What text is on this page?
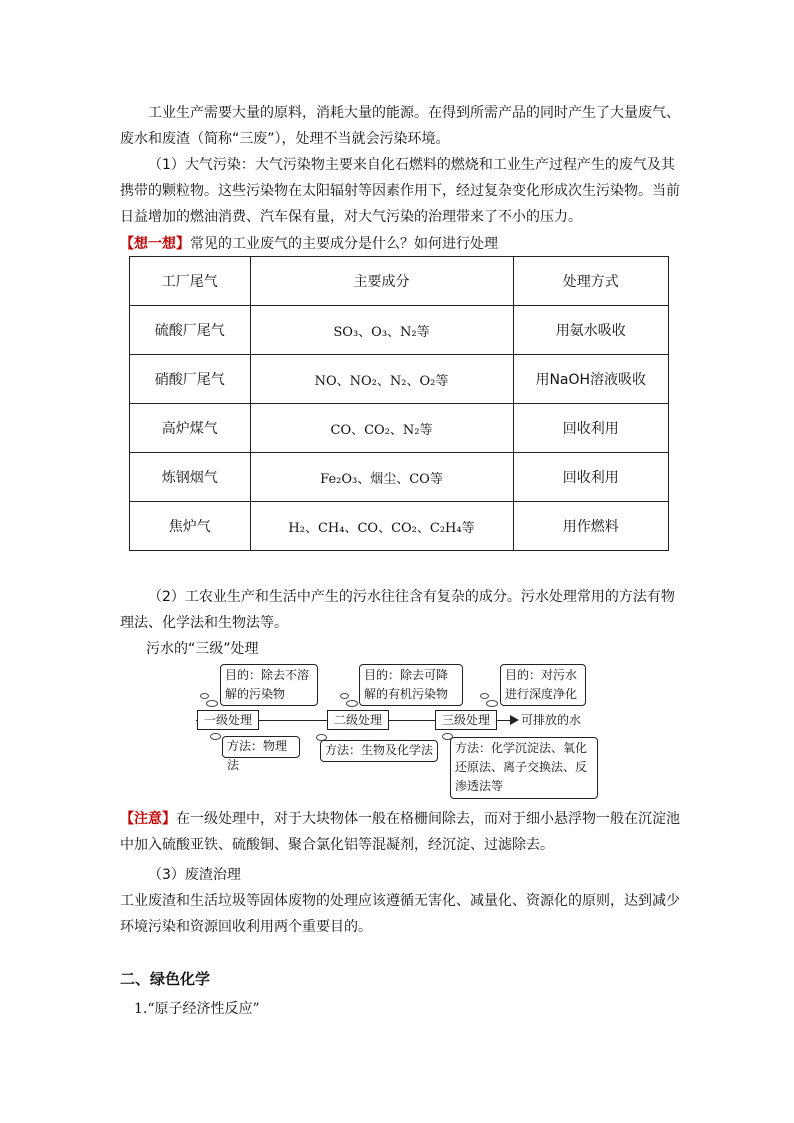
工业生产需要大量的原料，消耗大量的能源。在得到所需产品的同时产生了大量废气、废水和废渣（简称“三废”），处理不当就会污染环境。

（1）大气污染：大气污染物主要来自化石燃料的燃烧和工业生产过程产生的废气及其携带的颗粒物。这些污染物在太阳辐射等因素作用下，经过复杂变化形成次生污染物。当前日益增加的燃油消费、汽车保有量，对大气污染的治理带来了不小的压力。

【想一想】常见的工业废气的主要成分是什么？如何进行处理

工厂尾气	主要成分	处理方式
硫酸厂尾气	SO₃、O₃、N₂等	用氨水吸收
硝酸厂尾气	NO、NO₂、N₂、O₂等	用NaOH溶液吸收
高炉煤气	CO、CO₂、N₂等	回收利用
炼钢烟气	Fe₂O₃、烟尘、CO等	回收利用
焦炉气	H₂、CH₄、CO、CO₂、C₂H₄等	用作燃料

（2）工农业生产和生活中产生的污水往往含有复杂的成分。污水处理常用的方法有物理法、化学法和生物法等。

污水的“三级”处理

一级处理	二级处理	三级处理	可排放的水
目的：除去不溶解的污染物
目的：除去可降解的有机污染物
目的：对污水进行深度净化
方法：物理法
方法：生物及化学法	方法：化学沉淀法、氧化还原法、离子交换法、反渗透法等

【注意】在一级处理中，对于大块物体一般在格栅间除去，而对于细小悬浮物一般在沉淀池中加入硫酸亚铁、硫酸铜、聚合氯化铝等混凝剂，经沉淀、过滤除去。

（3）废渣治理

工业废渣和生活垃圾等固体废物的处理应该遵循无害化、减量化、资源化的原则，达到减少环境污染和资源回收利用两个重要目的。

二、绿色化学

1.“原子经济性反应”
